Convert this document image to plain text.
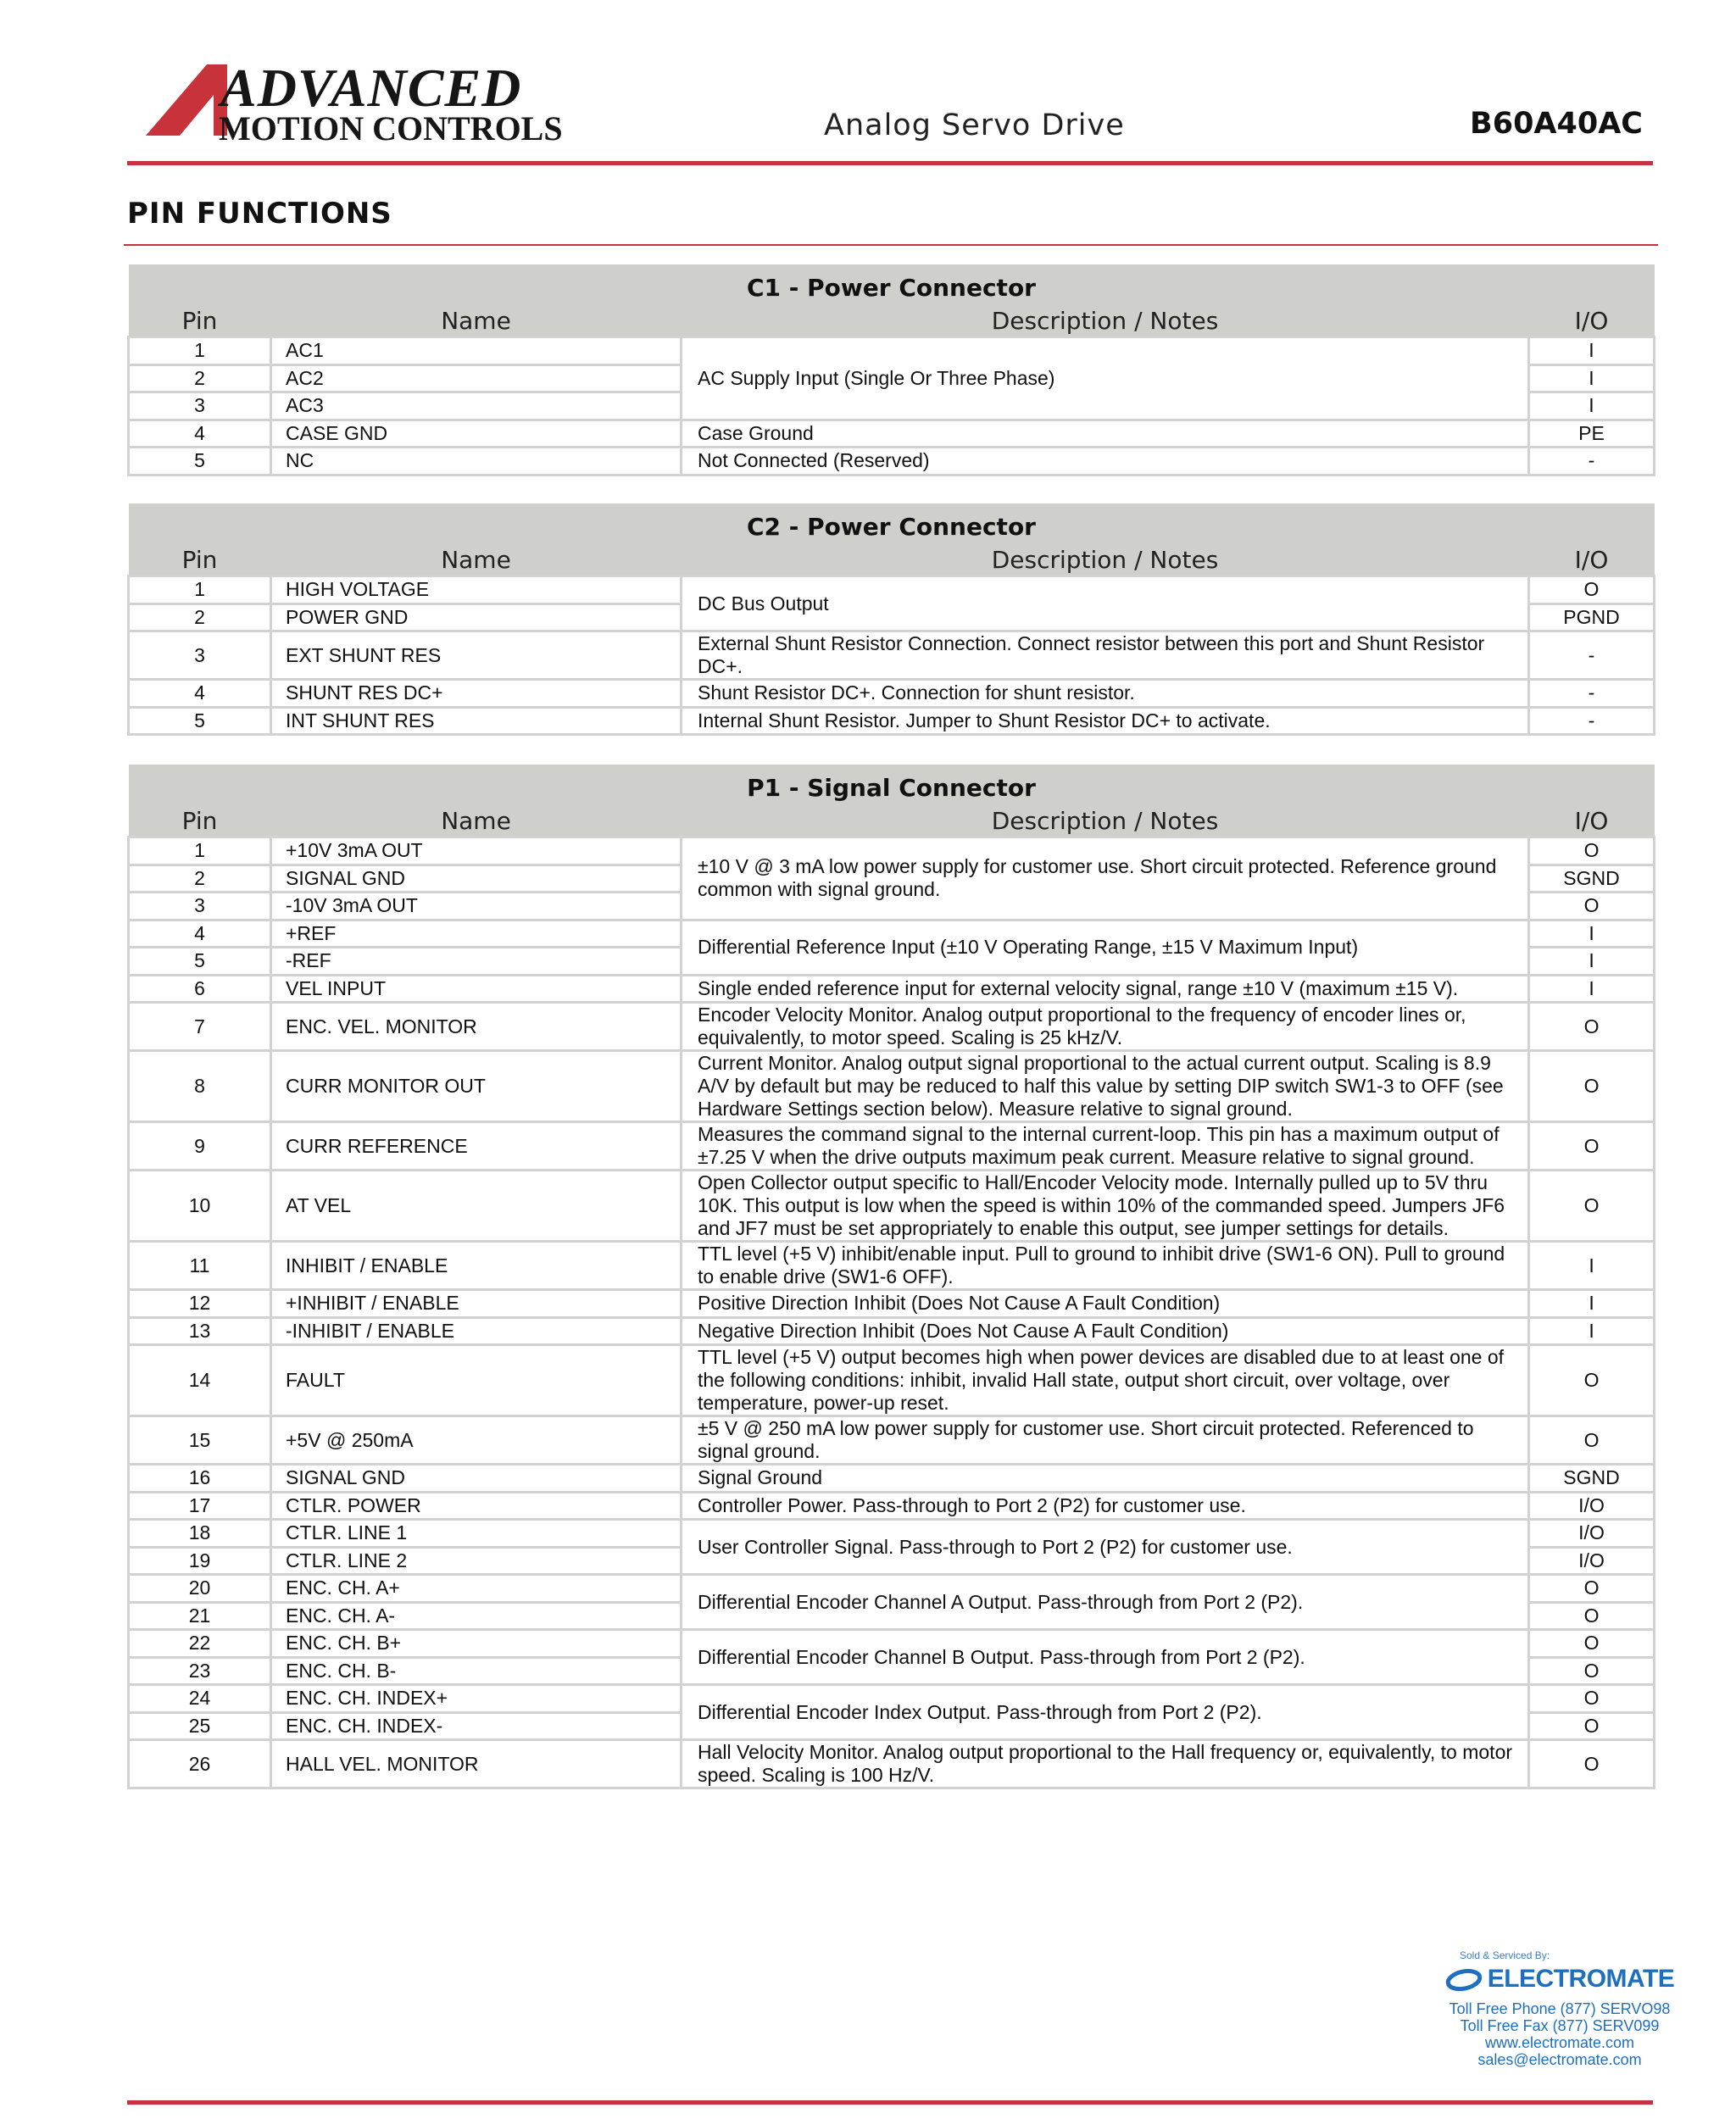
ADVANCED
MOTION CONTROLS	Analog Servo Drive	B60A40AC
PIN FUNCTIONS
C1 - Power Connector			
Pin	Name	Description / Notes	I/O
1	AC1	AC Supply Input (Single Or Three Phase)	I
2	AC2		I
3	AC3		I
4	CASE GND	Case Ground	PE
5	NC	Not Connected (Reserved)	-
C2 - Power Connector			
Pin	Name	Description / Notes	I/O
1	HIGH VOLTAGE	DC Bus Output	O
2	POWER GND		PGND
3	EXT SHUNT RES	External Shunt Resistor Connection. Connect resistor between this port and Shunt Resistor DC+.	-
4	SHUNT RES DC+	Shunt Resistor DC+. Connection for shunt resistor.	-
5	INT SHUNT RES	Internal Shunt Resistor. Jumper to Shunt Resistor DC+ to activate.	-
P1 - Signal Connector			
Pin	Name	Description / Notes	I/O
1	+10V 3mA OUT	±10 V @ 3 mA low power supply for customer use. Short circuit protected. Reference ground common with signal ground.	O
2	SIGNAL GND		SGND
3	-10V 3mA OUT		O
4	+REF	Differential Reference Input (±10 V Operating Range, ±15 V Maximum Input)	I
5	-REF		I
6	VEL INPUT	Single ended reference input for external velocity signal, range ±10 V (maximum ±15 V).	I
7	ENC. VEL. MONITOR	Encoder Velocity Monitor. Analog output proportional to the frequency of encoder lines or, equivalently, to motor speed. Scaling is 25 kHz/V.	O
8	CURR MONITOR OUT	Current Monitor. Analog output signal proportional to the actual current output. Scaling is 8.9 A/V by default but may be reduced to half this value by setting DIP switch SW1-3 to OFF (see Hardware Settings section below). Measure relative to signal ground.	O
9	CURR REFERENCE	Measures the command signal to the internal current-loop. This pin has a maximum output of ±7.25 V when the drive outputs maximum peak current. Measure relative to signal ground.	O
10	AT VEL	Open Collector output specific to Hall/Encoder Velocity mode. Internally pulled up to 5V thru 10K. This output is low when the speed is within 10% of the commanded speed. Jumpers JF6 and JF7 must be set appropriately to enable this output, see jumper settings for details.	O
11	INHIBIT / ENABLE	TTL level (+5 V) inhibit/enable input. Pull to ground to inhibit drive (SW1-6 ON). Pull to ground to enable drive (SW1-6 OFF).	I
12	+INHIBIT / ENABLE	Positive Direction Inhibit (Does Not Cause A Fault Condition)	I
13	-INHIBIT / ENABLE	Negative Direction Inhibit (Does Not Cause A Fault Condition)	I
14	FAULT	TTL level (+5 V) output becomes high when power devices are disabled due to at least one of the following conditions: inhibit, invalid Hall state, output short circuit, over voltage, over temperature, power-up reset.	O
15	+5V @ 250mA	±5 V @ 250 mA low power supply for customer use. Short circuit protected. Referenced to signal ground.	O
16	SIGNAL GND	Signal Ground	SGND
17	CTLR. POWER	Controller Power. Pass-through to Port 2 (P2) for customer use.	I/O
18	CTLR. LINE 1	User Controller Signal. Pass-through to Port 2 (P2) for customer use.	I/O
19	CTLR. LINE 2		I/O
20	ENC. CH. A+	Differential Encoder Channel A Output. Pass-through from Port 2 (P2).	O
21	ENC. CH. A-		O
22	ENC. CH. B+	Differential Encoder Channel B Output. Pass-through from Port 2 (P2).	O
23	ENC. CH. B-		O
24	ENC. CH. INDEX+	Differential Encoder Index Output. Pass-through from Port 2 (P2).	O
25	ENC. CH. INDEX-		O
26	HALL VEL. MONITOR	Hall Velocity Monitor. Analog output proportional to the Hall frequency or, equivalently, to motor speed. Scaling is 100 Hz/V.	O
Sold & Serviced By:
ELECTROMATE
Toll Free Phone (877) SERVO98
Toll Free Fax (877) SERV099
www.electromate.com
sales@electromate.com
